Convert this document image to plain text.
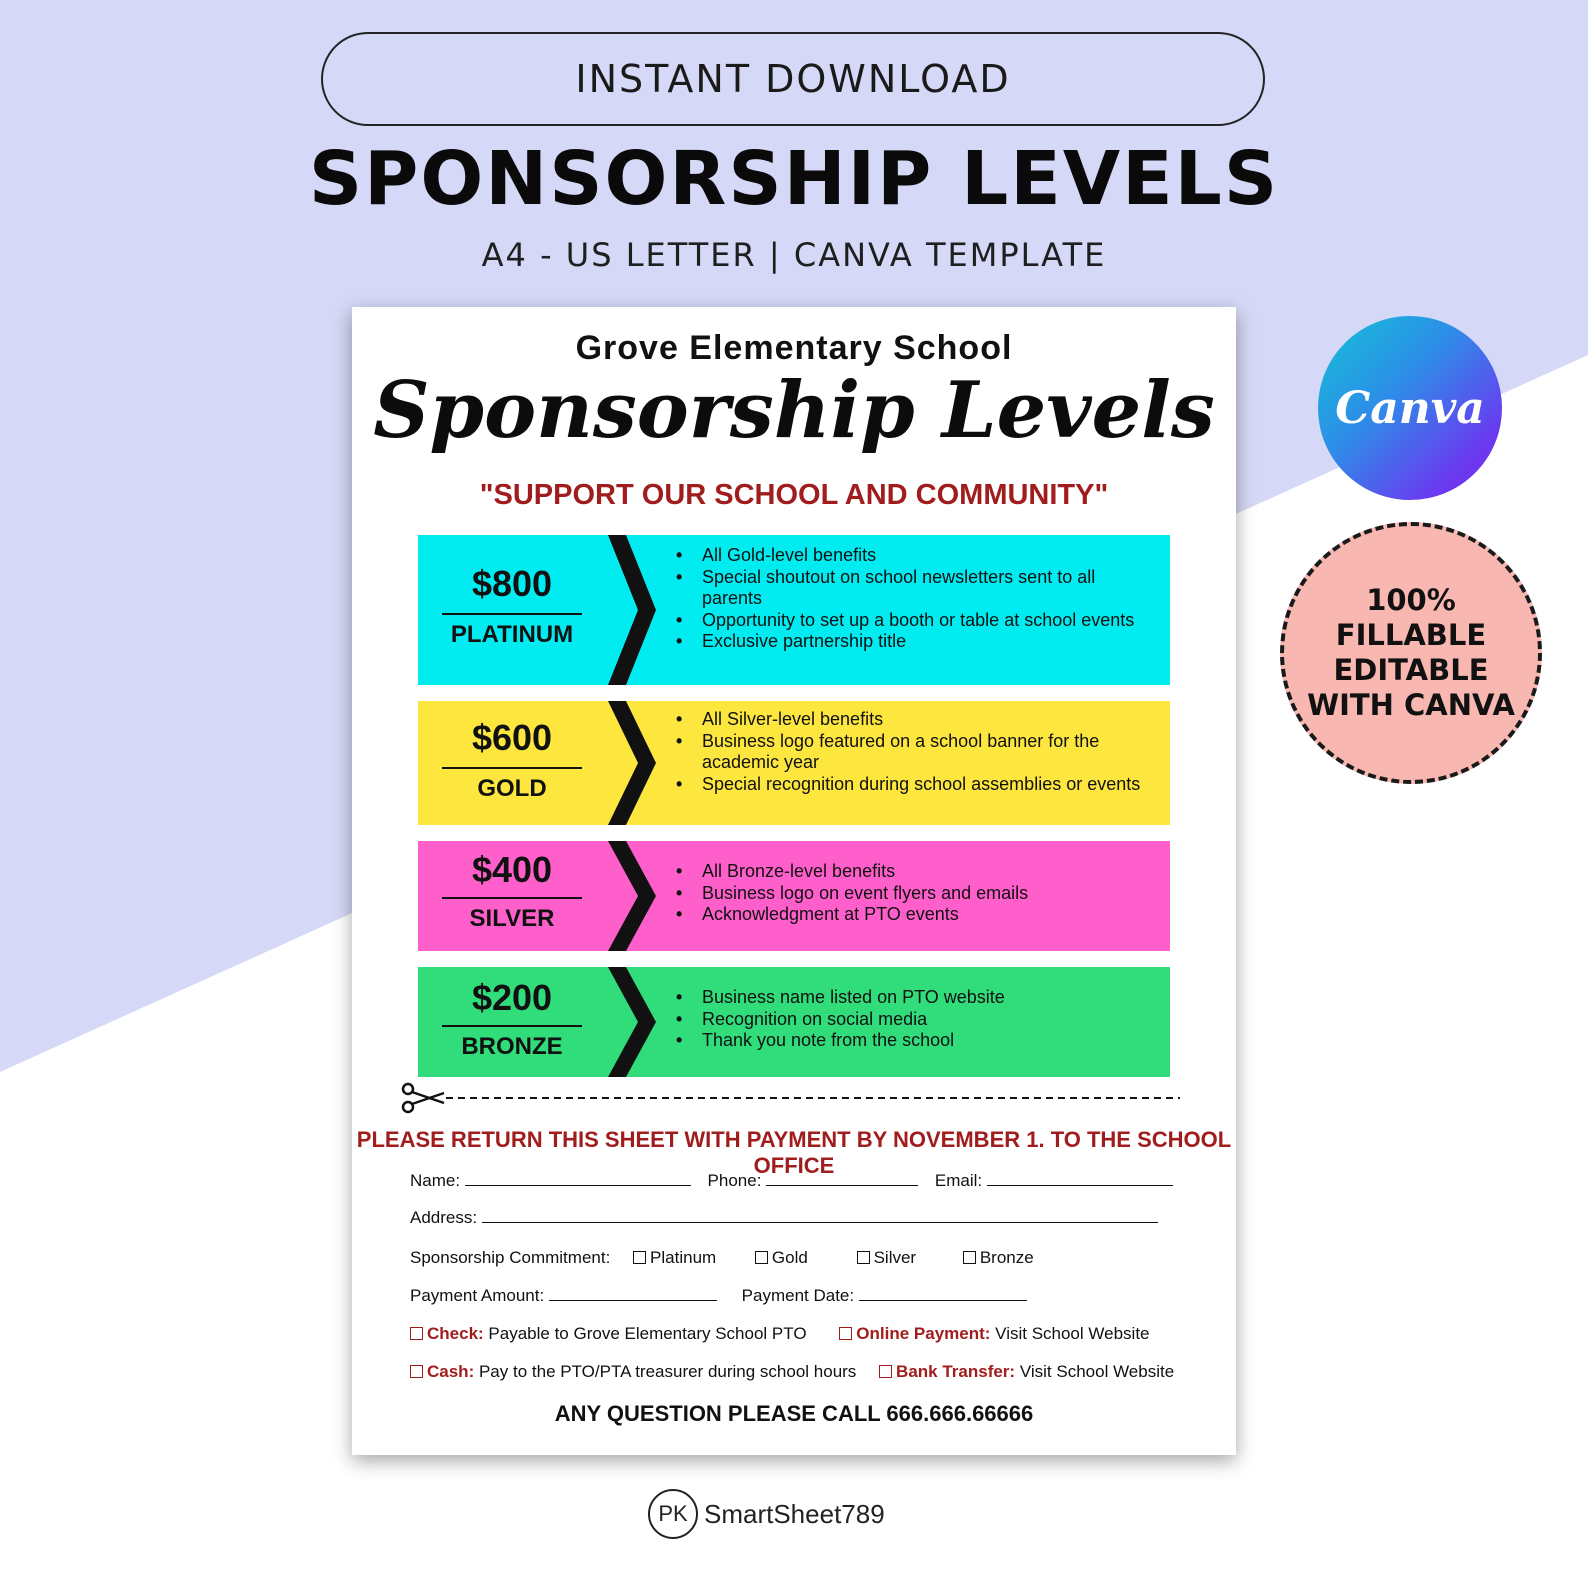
INSTANT DOWNLOAD
SPONSORSHIP LEVELS
A4 - US LETTER | CANVA TEMPLATE
Grove Elementary School
Sponsorship Levels
"SUPPORT OUR SCHOOL AND COMMUNITY"
$800
PLATINUM
• All Gold-level benefits
• Special shoutout on school newsletters sent to all parents
• Opportunity to set up a booth or table at school events
• Exclusive partnership title
$600
GOLD
• All Silver-level benefits
• Business logo featured on a school banner for the academic year
• Special recognition during school assemblies or events
$400
SILVER
• All Bronze-level benefits
• Business logo on event flyers and emails
• Acknowledgment at PTO events
$200
BRONZE
• Business name listed on PTO website
• Recognition on social media
• Thank you note from the school
PLEASE RETURN THIS SHEET WITH PAYMENT BY NOVEMBER 1. TO THE SCHOOL OFFICE
Name:	Phone:	Email:
Address:
Sponsorship Commitment: Platinum	Gold	Silver	Bronze
Payment Amount:	Payment Date:
Check: Payable to Grove Elementary School PTO	Online Payment: Visit School Website
Cash: Pay to the PTO/PTA treasurer during school hours Bank Transfer: Visit School Website
ANY QUESTION PLEASE CALL 666.666.66666
Canva
100%
FILLABLE
EDITABLE
WITH CANVA
PK SmartSheet789
